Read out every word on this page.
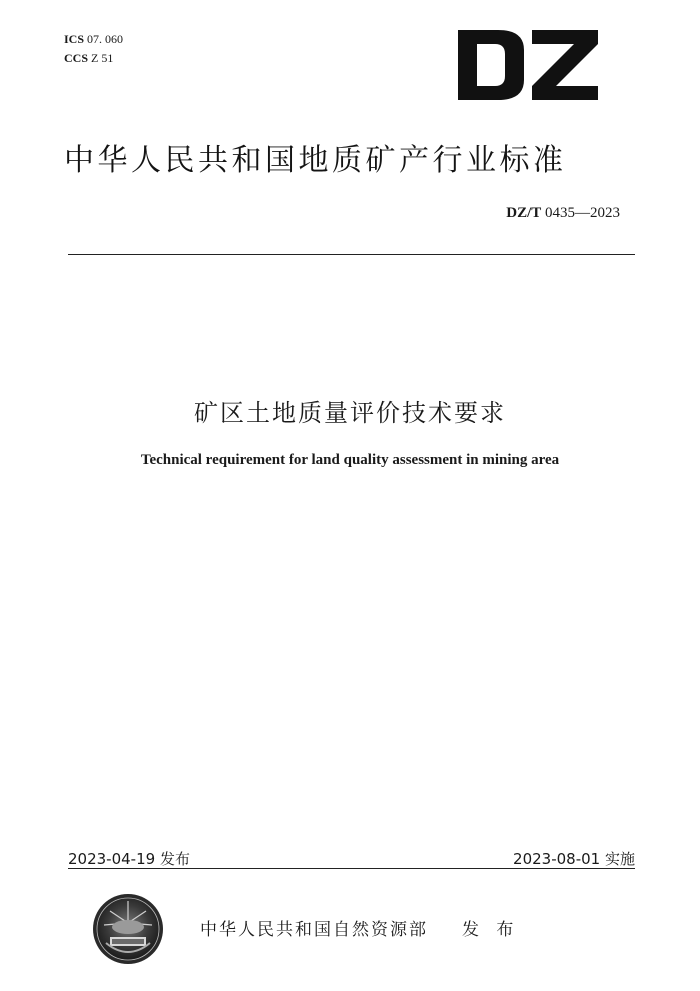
ICS 07. 060
CCS Z 51
中华人民共和国地质矿产行业标准
DZ/T 0435—2023
矿区土地质量评价技术要求
Technical requirement for land quality assessment in mining area
2023-04-19 发布	2023-08-01 实施
中华人民共和国自然资源部 发 布
